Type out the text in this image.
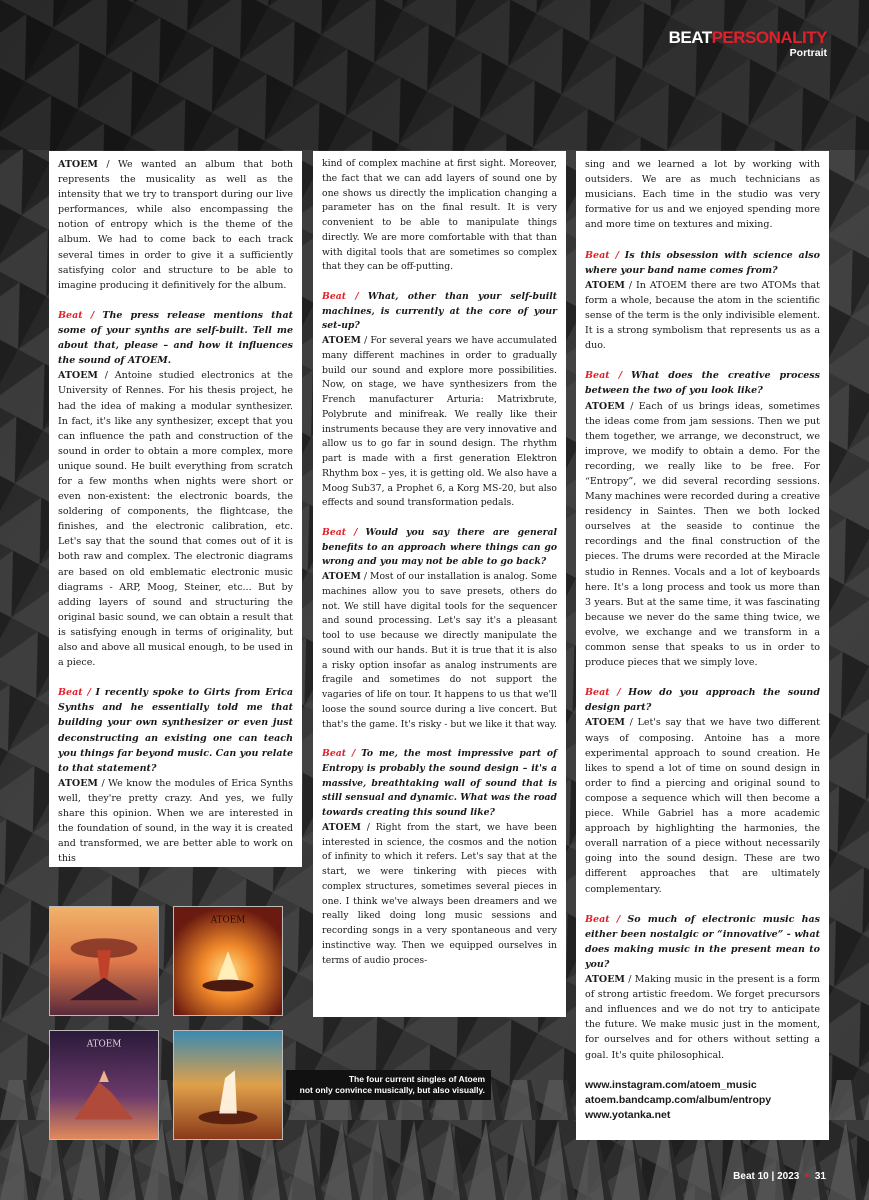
BEATPERSONALITY
Portrait

ATOEM / We wanted an album that both represents the musicality as well as the intensity that we try to transport during our live performances, while also encompassing the notion of entropy which is the theme of the album. We had to come back to each track several times in order to give it a sufficiently satisfying color and structure to be able to imagine producing it definitively for the album.

Beat / The press release mentions that some of your synths are self-built. Tell me about that, please – and how it influences the sound of ATOEM.

ATOEM / Antoine studied electronics at the University of Rennes. For his thesis project, he had the idea of making a modular synthesizer. In fact, it's like any synthesizer, except that you can influence the path and construction of the sound in order to obtain a more complex, more unique sound. He built everything from scratch for a few months when nights were short or even non-existent: the electronic boards, the soldering of components, the flightcase, the finishes, and the electronic calibration, etc. Let's say that the sound that comes out of it is both raw and complex. The electronic diagrams are based on old emblematic electronic music diagrams - ARP, Moog, Steiner, etc... But by adding layers of sound and structuring the original basic sound, we can obtain a result that is satisfying enough in terms of originality, but also and above all musical enough, to be used in a piece.

Beat / I recently spoke to Girts from Erica Synths and he essentially told me that building your own synthesizer or even just deconstructing an existing one can teach you things far beyond music. Can you relate to that statement?

ATOEM / We know the modules of Erica Synths well, they're pretty crazy. And yes, we fully share this opinion. When we are interested in the foundation of sound, in the way it is created and transformed, we are better able to work on this

kind of complex machine at first sight. Moreover, the fact that we can add layers of sound one by one shows us directly the implication changing a parameter has on the final result. It is very convenient to be able to manipulate things directly. We are more comfortable with that than with digital tools that are sometimes so complex that they can be off-putting.

Beat / What, other than your self-built machines, is currently at the core of your set-up?

ATOEM / For several years we have accumulated many different machines in order to gradually build our sound and explore more possibilities. Now, on stage, we have synthesizers from the French manufacturer Arturia: Matrixbrute, Polybrute and minifreak. We really like their instruments because they are very innovative and allow us to go far in sound design. The rhythm part is made with a first generation Elektron Rhythm box – yes, it is getting old. We also have a Moog Sub37, a Prophet 6, a Korg MS-20, but also effects and sound transformation pedals.

Beat / Would you say there are general benefits to an approach where things can go wrong and you may not be able to go back?

ATOEM / Most of our installation is analog. Some machines allow you to save presets, others do not. We still have digital tools for the sequencer and sound processing. Let's say it's a pleasant tool to use because we directly manipulate the sound with our hands. But it is true that it is also a risky option insofar as analog instruments are fragile and sometimes do not support the vagaries of life on tour. It happens to us that we'll loose the sound source during a live concert. But that's the game. It's risky - but we like it that way.

Beat / To me, the most impressive part of Entropy is probably the sound design – it's a massive, breathtaking wall of sound that is still sensual and dynamic. What was the road towards creating this sound like?

ATOEM / Right from the start, we have been interested in science, the cosmos and the notion of infinity to which it refers. Let's say that at the start, we were tinkering with pieces with complex structures, sometimes several pieces in one. I think we've always been dreamers and we really liked doing long music sessions and recording songs in a very spontaneous and very instinctive way. Then we equipped ourselves in terms of audio proces-

sing and we learned a lot by working with outsiders. We are as much technicians as musicians. Each time in the studio was very formative for us and we enjoyed spending more and more time on textures and mixing.

Beat / Is this obsession with science also where your band name comes from?

ATOEM / In ATOEM there are two ATOMs that form a whole, because the atom in the scientific sense of the term is the only indivisible element. It is a strong symbolism that represents us as a duo.

Beat / What does the creative process between the two of you look like?

ATOEM / Each of us brings ideas, sometimes the ideas come from jam sessions. Then we put them together, we arrange, we deconstruct, we improve, we modify to obtain a demo. For the recording, we really like to be free. For “Entropy”, we did several recording sessions. Many machines were recorded during a creative residency in Saintes. Then we both locked ourselves at the seaside to continue the recordings and the final construction of the pieces. The drums were recorded at the Miracle studio in Rennes. Vocals and a lot of keyboards here. It's a long process and took us more than 3 years. But at the same time, it was fascinating because we never do the same thing twice, we evolve, we exchange and we transform in a common sense that speaks to us in order to produce pieces that we simply love.

Beat / How do you approach the sound design part?

ATOEM / Let's say that we have two different ways of composing. Antoine has a more experimental approach to sound creation. He likes to spend a lot of time on sound design in order to find a piercing and original sound to compose a sequence which will then become a piece. While Gabriel has a more academic approach by highlighting the harmonies, the overall narration of a piece without necessarily going into the sound design. These are two different approaches that are ultimately complementary.

Beat / So much of electronic music has either been nostalgic or “innovative” - what does making music in the present mean to you?

ATOEM / Making music in the present is a form of strong artistic freedom. We forget precursors and influences and we do not try to anticipate the future. We make music just in the moment, for ourselves and for others without setting a goal. It's quite philosophical.

www.instagram.com/atoem_music
atoem.bandcamp.com/album/entropy
www.yotanka.net
ATOEM
ATOEM
The four current singles of Atoem
not only convince musically, but also visually.
Beat 10 | 2023 • 31
